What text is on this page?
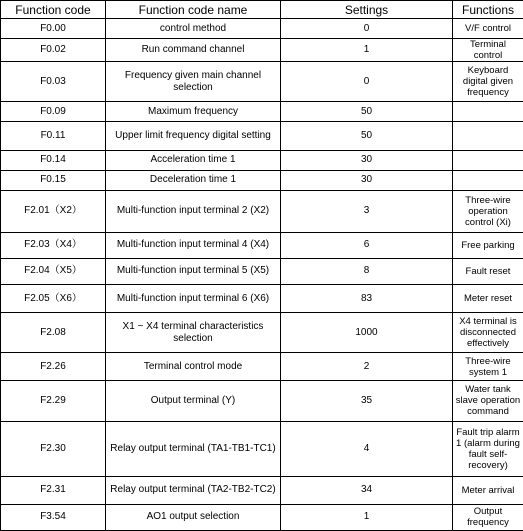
Function code	Function code name	Settings	Functions
F0.00	control method	0	V/F control
F0.02	Run command channel	1	Terminal control
F0.03	Frequency given main channel selection	0	Keyboard digital given frequency
F0.09	Maximum frequency	50	
F0.11	Upper limit frequency digital setting	50	
F0.14	Acceleration time 1	30	
F0.15	Deceleration time 1	30	
F2.01（X2）	Multi-function input terminal 2 (X2)	3	Three-wire operation control (Xi)
F2.03（X4）	Multi-function input terminal 4 (X4)	6	Free parking
F2.04（X5）	Multi-function input terminal 5 (X5)	8	Fault reset
F2.05（X6）	Multi-function input terminal 6 (X6)	83	Meter reset
F2.08	X1 ~ X4 terminal characteristics selection	1000	X4 terminal is disconnected effectively
F2.26	Terminal control mode	2	Three-wire system 1
F2.29	Output terminal (Y)	35	Water tank slave operation command
F2.30	Relay output terminal (TA1-TB1-TC1)	4	Fault trip alarm 1 (alarm during fault self-recovery)
F2.31	Relay output terminal (TA2-TB2-TC2)	34	Meter arrival
F3.54	AO1 output selection	1	Output frequency
